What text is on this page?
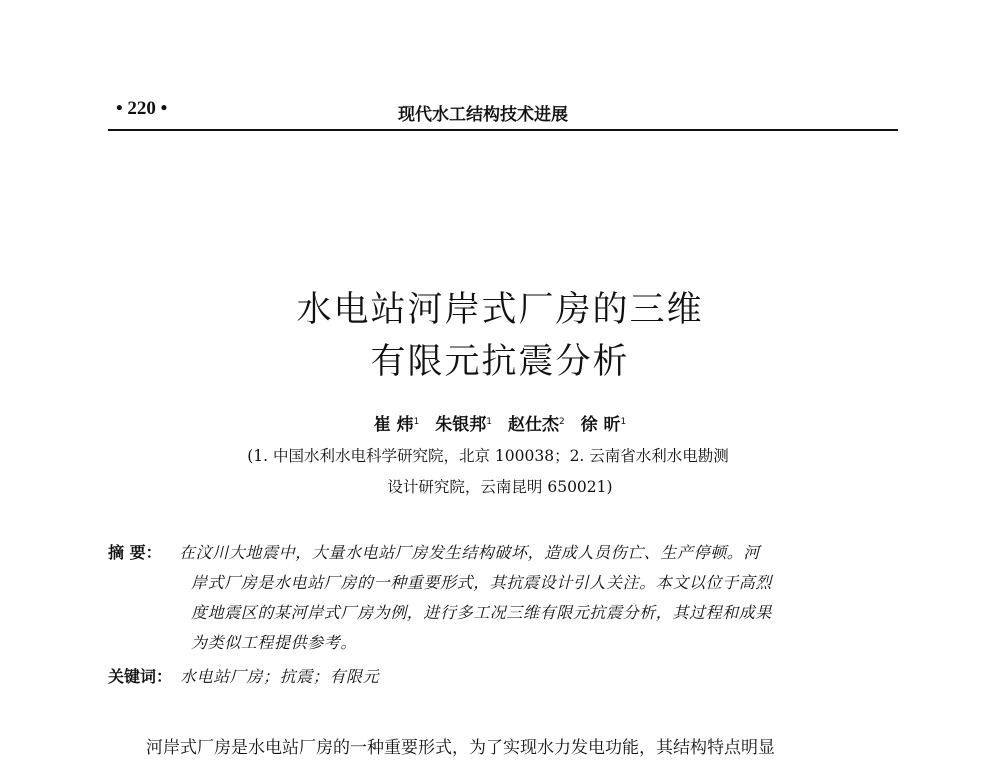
• 220 •	现代水工结构技术进展
水电站河岸式厂房的三维
有限元抗震分析
崔 炜$^1$ 朱银邦$^1$ 赵仕杰$^2$ 徐 昕$^1$
(1. 中国水利水电科学研究院，北京 100038；2. 云南省水利水电勘测
设计研究院，云南昆明 650021)
摘 要： 在汶川大地震中，大量水电站厂房发生结构破坏，造成人员伤亡、生产停顿。河
岸式厂房是水电站厂房的一种重要形式，其抗震设计引人关注。本文以位于高烈
度地震区的某河岸式厂房为例，进行多工况三维有限元抗震分析，其过程和成果
为类似工程提供参考。
关键词： 水电站厂房；抗震；有限元
河岸式厂房是水电站厂房的一种重要形式，为了实现水力发电功能，其结构特点明显
